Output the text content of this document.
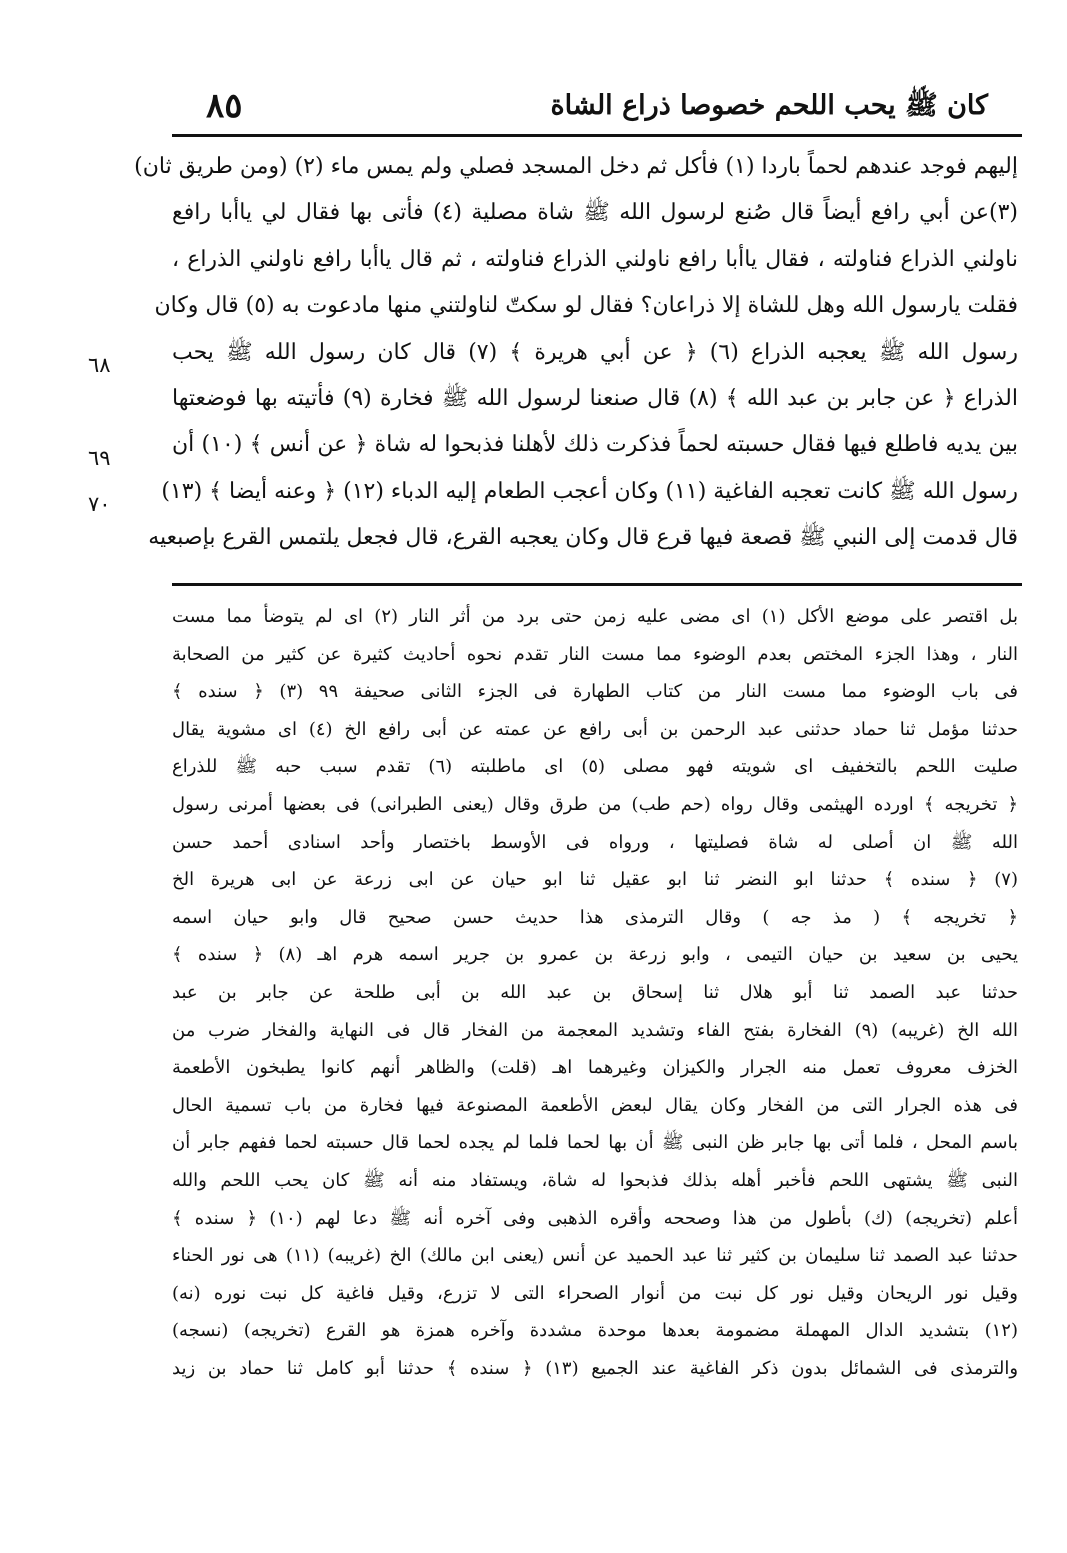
٨٥	كان ﷺ يحب اللحم خصوصا ذراع الشاة
٦٨
٦٩
٧٠
إليهم فوجد عندهم لحماً باردا (١) فأكل ثم دخل المسجد فصلي ولم يمس ماء (٢) (ومن طريق ثان)
(٣)عن أبي رافع أيضاً قال صُنع لرسول الله ﷺ شاة مصلية (٤) فأتى بها فقال لي ياأبا رافع
ناولني الذراع فناولته ، فقال ياأبا رافع ناولني الذراع فناولته ، ثم قال ياأبا رافع ناولني الذراع ،
فقلت يارسول الله وهل للشاة إلا ذراعان؟ فقال لو سكتّ لناولتني منها مادعوت به (٥) قال وكان
رسول الله ﷺ يعجبه الذراع (٦) ﴿ عن أبي هريرة ﴾ (٧) قال كان رسول الله ﷺ يحب
الذراع ﴿ عن جابر بن عبد الله ﴾ (٨) قال صنعنا لرسول الله ﷺ فخارة (٩) فأتيته بها فوضعتها
بين يديه فاطلع فيها فقال حسبته لحماً فذكرت ذلك لأهلنا فذبحوا له شاة ﴿ عن أنس ﴾ (١٠) أن
رسول الله ﷺ كانت تعجبه الفاغية (١١) وكان أعجب الطعام إليه الدباء (١٢) ﴿ وعنه أيضا ﴾ (١٣)
قال قدمت إلى النبي ﷺ قصعة فيها قرع قال وكان يعجبه القرع، قال فجعل يلتمس القرع بإصبعيه
بل اقتصر على موضع الأكل (١) اى مضى عليه زمن حتى برد من أثر النار (٢) اى لم يتوضأ مما مست
النار ، وهذا الجزء المختص بعدم الوضوء مما مست النار تقدم نحوه أحاديث كثيرة عن كثير من الصحابة
فى باب الوضوء مما مست النار من كتاب الطهارة فى الجزء الثانى صحيفة ٩٩ (٣) ﴿ سنده ﴾
حدثنا مؤمل ثنا حماد حدثنى عبد الرحمن بن أبى رافع عن عمته عن أبى رافع الخ (٤) اى مشوية يقال
صليت اللحم بالتخفيف اى شويته فهو مصلى (٥) اى ماطلبته (٦) تقدم سبب حبه ﷺ للذراع
﴿ تخريجه ﴾ اورده الهيثمى وقال رواه (حم طب) من طرق وقال (يعنى الطبرانى) فى بعضها أمرنى رسول
الله ﷺ ان أصلى له شاة فصليتها ، ورواه فى الأوسط باختصار وأحد اسنادى أحمد حسن
(٧) ﴿ سنده ﴾ حدثنا ابو النضر ثنا ابو عقيل ثنا ابو حيان عن ابى زرعة عن ابى هريرة الخ
﴿ تخريجه ﴾ ( مذ جه ) وقال الترمذى هذا حديث حسن صحيح قال وابو حيان اسمه
يحيى بن سعيد بن حيان التيمى ، وابو زرعة بن عمرو بن جرير اسمه هرم اهـ (٨) ﴿ سنده ﴾
حدثنا عبد الصمد ثنا أبو هلال ثنا إسحاق بن عبد الله بن أبى طلحة عن جابر بن عبد
الله الخ (غريبه) (٩) الفخارة بفتح الفاء وتشديد المعجمة من الفخار قال فى النهاية والفخار ضرب من
الخزف معروف تعمل منه الجرار والكيزان وغيرهما اهـ (قلت) والظاهر أنهم كانوا يطبخون الأطعمة
فى هذه الجرار التى من الفخار وكان يقال لبعض الأطعمة المصنوعة فيها فخارة من باب تسمية الحال
باسم المحل ، فلما أتى بها جابر ظن النبى ﷺ أن بها لحما فلما لم يجده لحما قال حسبته لحما ففهم جابر أن
النبى ﷺ يشتهى اللحم فأخبر أهله بذلك فذبحوا له شاة، ويستفاد منه أنه ﷺ كان يحب اللحم والله
أعلم (تخريجه) (ك) بأطول من هذا وصححه وأقره الذهبى وفى آخره أنه ﷺ دعا لهم (١٠) ﴿ سنده ﴾
حدثنا عبد الصمد ثنا سليمان بن كثير ثنا عبد الحميد عن أنس (يعنى ابن مالك) الخ (غريبه) (١١) هى نور الحناء
وقيل نور الريحان وقيل نور كل نبت من أنوار الصحراء التى لا تزرع، وقيل فاغية كل نبت نوره (نه)
(١٢) بتشديد الدال المهملة مضمومة بعدها موحدة مشددة وآخره همزة هو القرع (تخريجه) (نسجه)
والترمذى فى الشمائل بدون ذكر الفاغية عند الجميع (١٣) ﴿ سنده ﴾ حدثنا أبو كامل ثنا حماد بن زيد
